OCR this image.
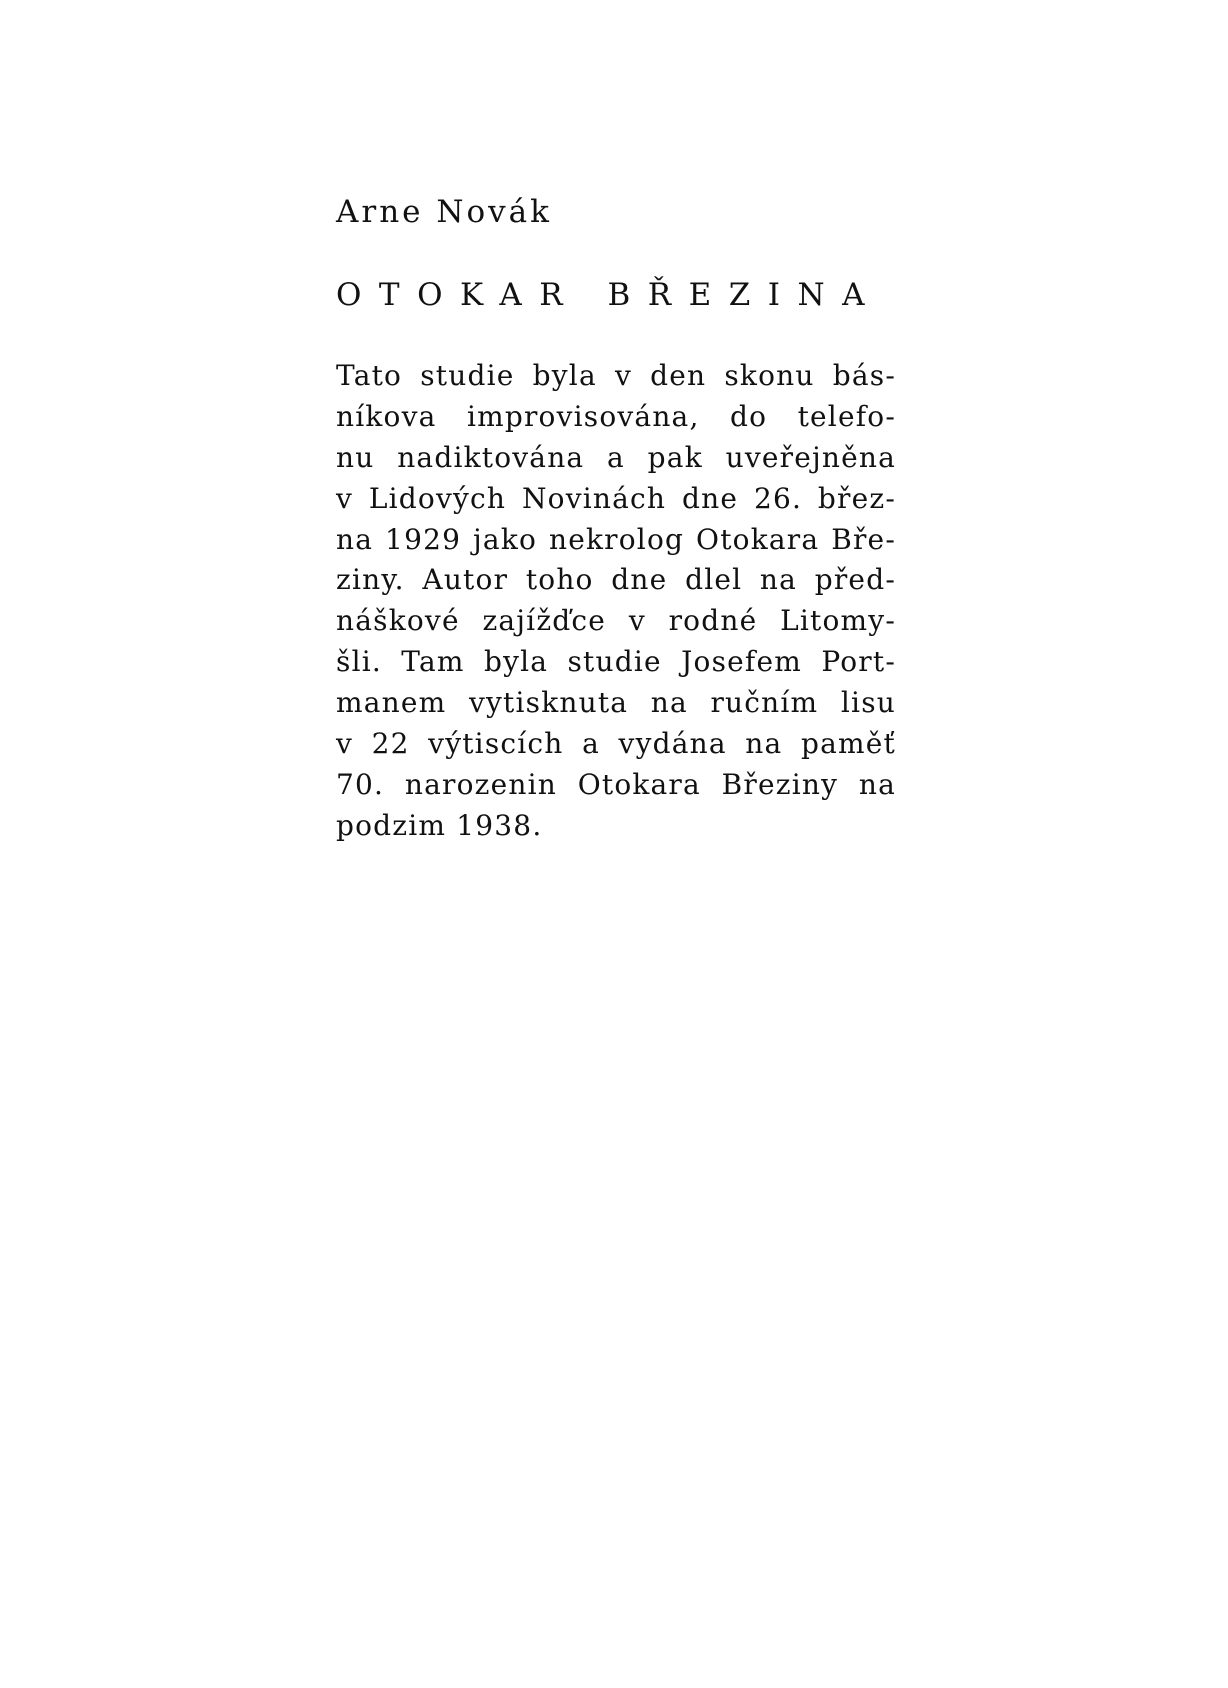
Arne Novák
OTOKAR BŘEZINA
Tato studie byla v den skonu bás-
níkova improvisována, do telefo-
nu nadiktována a pak uveřejněna
v Lidových Novinách dne 26. břez-
na 1929 jako nekrolog Otokara Bře-
ziny. Autor toho dne dlel na před-
náškové zajížďce v rodné Litomy-
šli. Tam byla studie Josefem Port-
manem vytisknuta na ručním lisu
v 22 výtiscích a vydána na paměť
70. narozenin Otokara Březiny na
podzim 1938.
